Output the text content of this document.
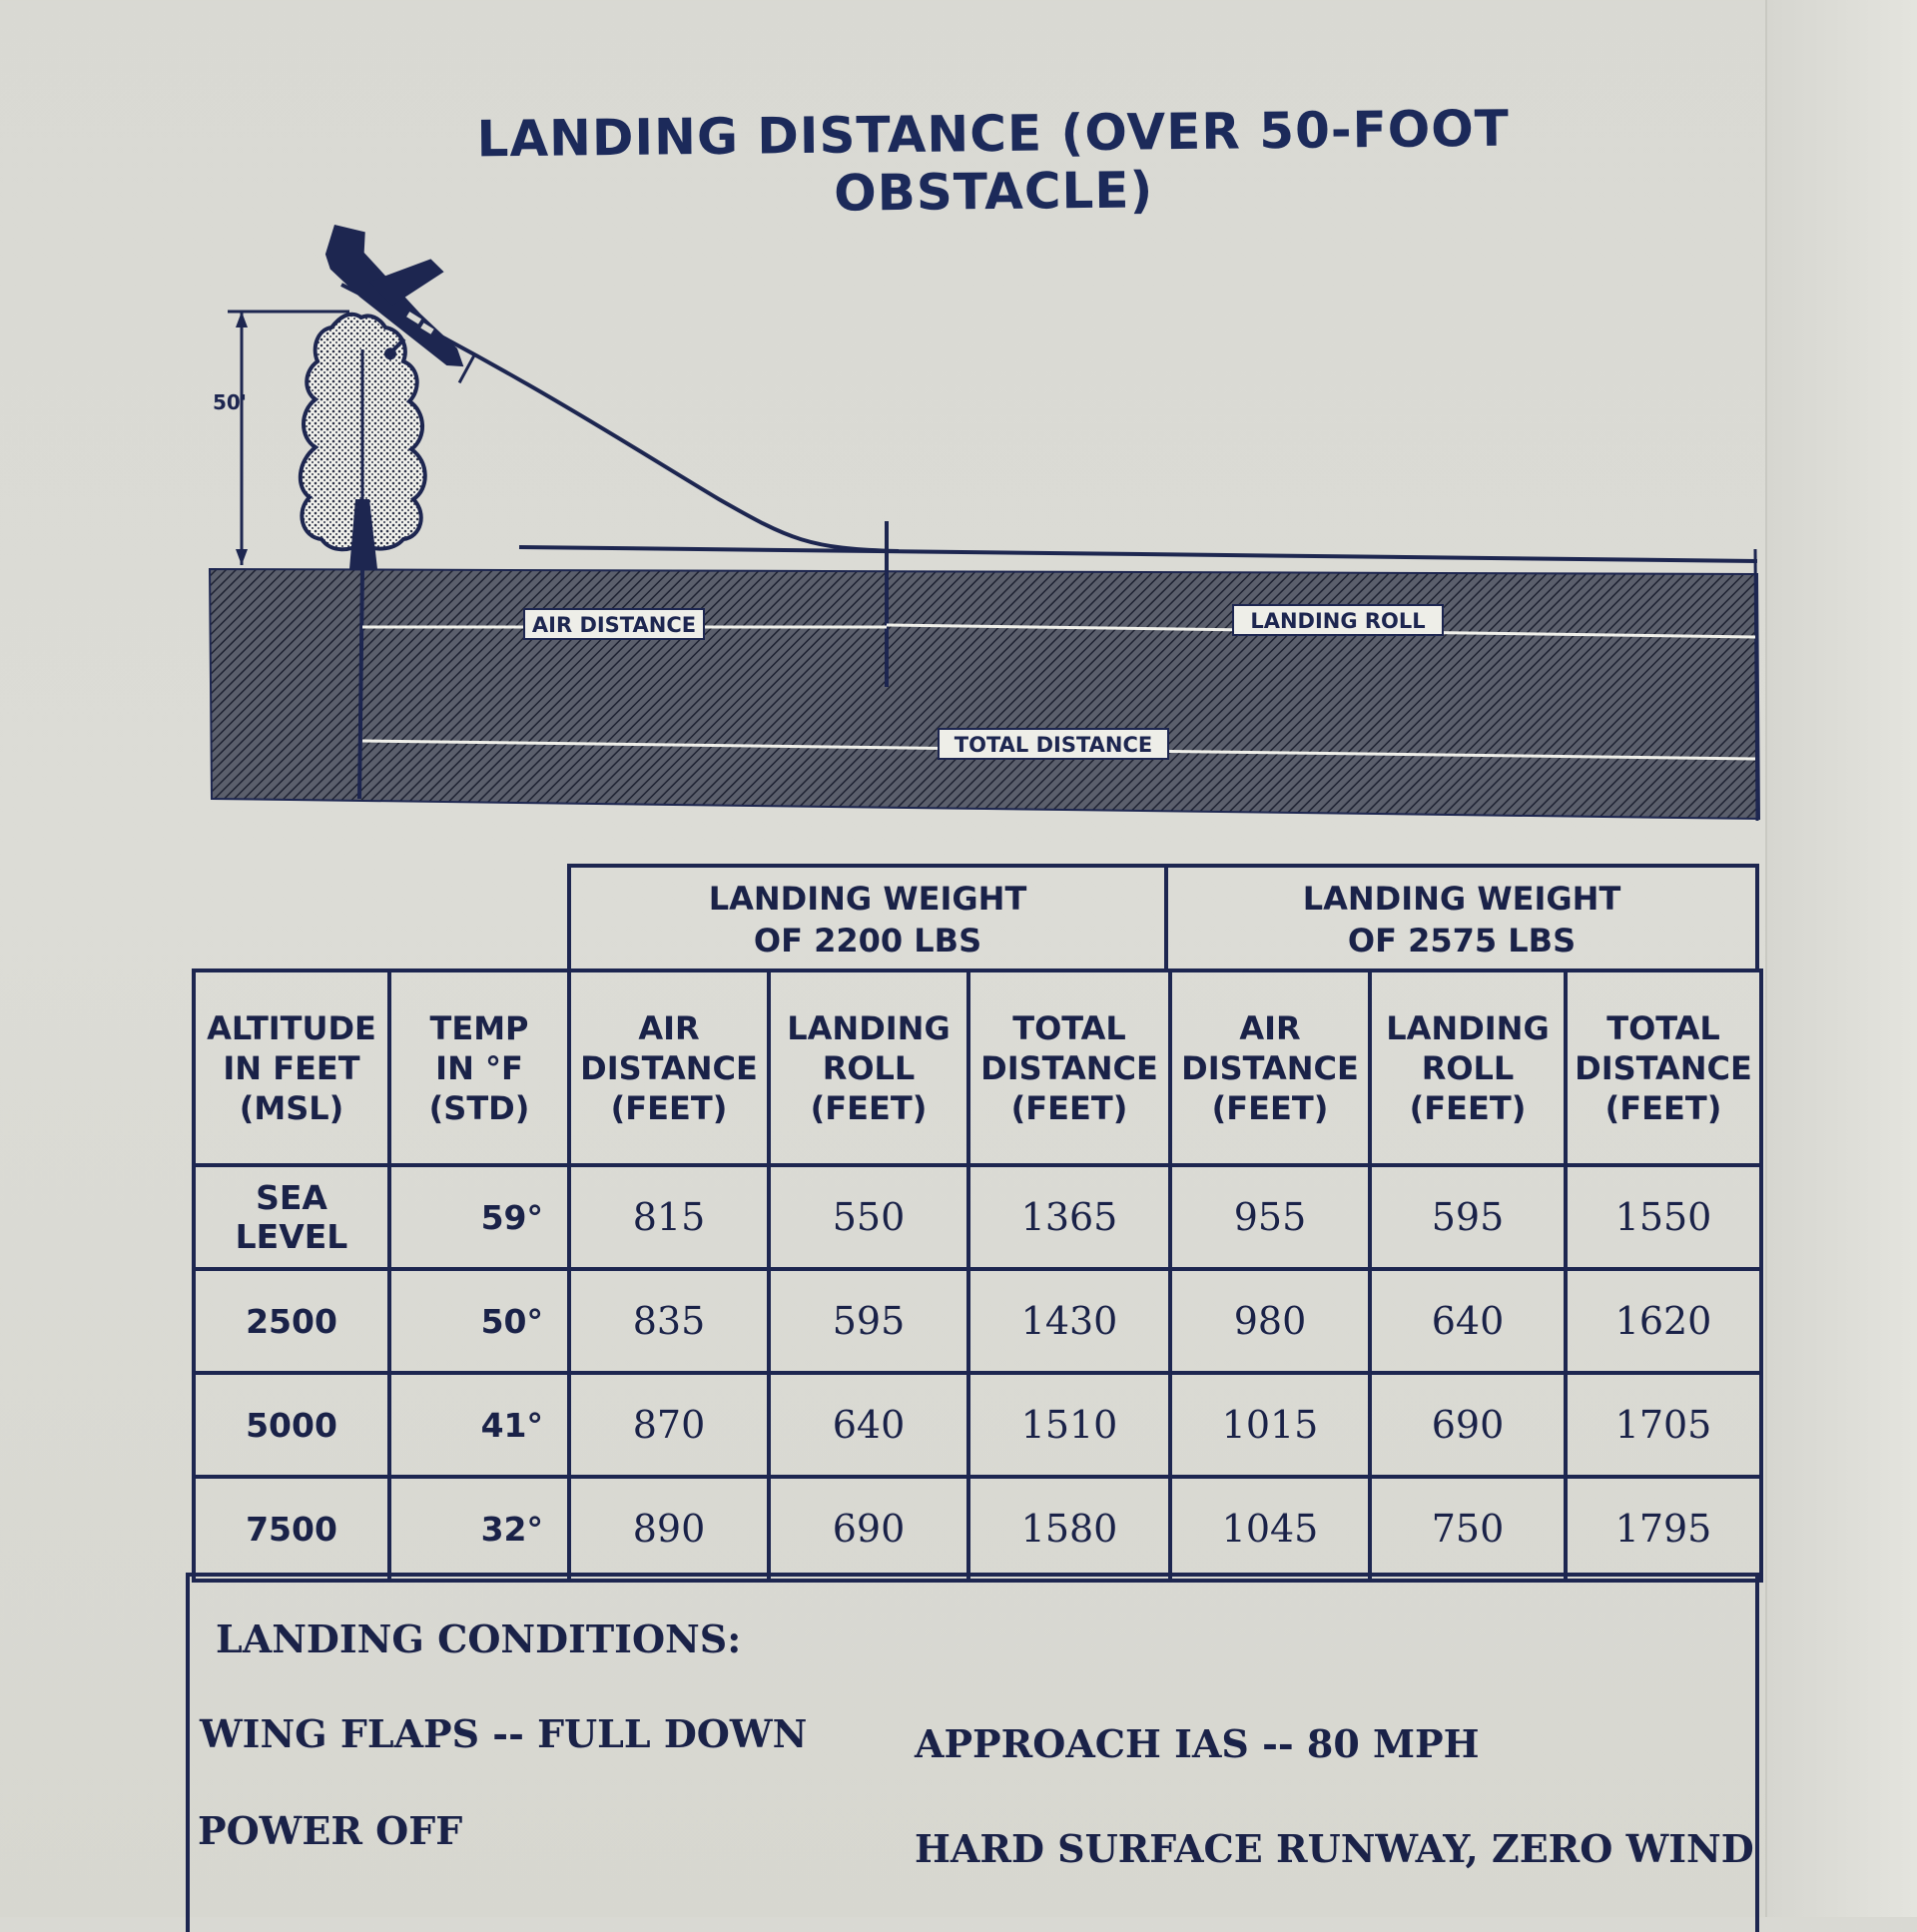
LANDING DISTANCE (OVER 50-FOOT OBSTACLE)
50'
AIR DISTANCE	LANDING ROLL
TOTAL DISTANCE
LANDING WEIGHT
OF 2200 LBS
LANDING WEIGHT
OF 2575 LBS
ALTITUDE
IN FEET
(MSL)	TEMP
IN °F
(STD)	AIR
DISTANCE
(FEET)	LANDING
ROLL
(FEET)	TOTAL
DISTANCE
(FEET)	AIR
DISTANCE
(FEET)	LANDING
ROLL
(FEET)	TOTAL
DISTANCE
(FEET)
SEA
LEVEL	59°	815	550	1365	955	595	1550
2500	50°	835	595	1430	980	640	1620
5000	41°	870	640	1510	1015	690	1705
7500	32°	890	690	1580	1045	750	1795
LANDING CONDITIONS:
WING FLAPS -- FULL DOWN	APPROACH IAS -- 80 MPH
POWER OFF	HARD SURFACE RUNWAY, ZERO WIND
